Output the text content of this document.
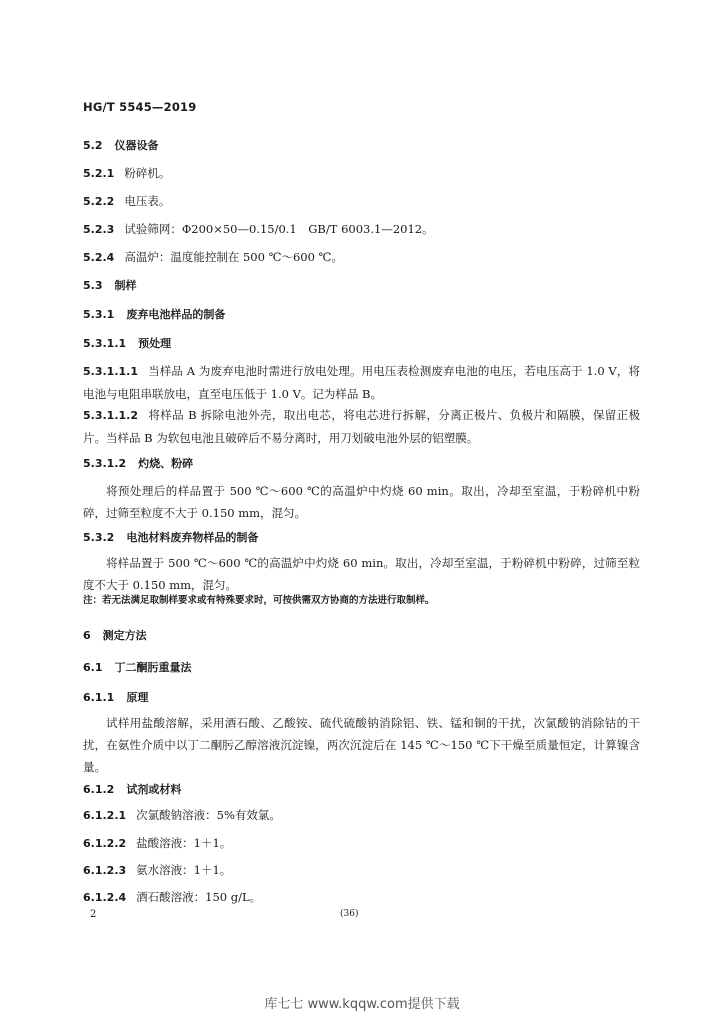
HG/T 5545—2019
5.2 仪器设备
5.2.1 粉碎机。
5.2.2 电压表。
5.2.3 试验筛网：Φ200×50—0.15/0.1　GB/T 6003.1—2012。
5.2.4 高温炉：温度能控制在 500 ℃～600 ℃。
5.3 制样
5.3.1 废弃电池样品的制备
5.3.1.1 预处理
5.3.1.1.1 当样品 A 为废弃电池时需进行放电处理。用电压表检测废弃电池的电压，若电压高于 1.0 V，将电池与电阻串联放电，直至电压低于 1.0 V。记为样品 B。
5.3.1.1.2 将样品 B 拆除电池外壳，取出电芯，将电芯进行拆解，分离正极片、负极片和隔膜，保留正极片。当样品 B 为软包电池且破碎后不易分离时，用刀划破电池外层的铝塑膜。
5.3.1.2 灼烧、粉碎
将预处理后的样品置于 500 ℃～600 ℃的高温炉中灼烧 60 min。取出，冷却至室温，于粉碎机中粉碎，过筛至粒度不大于 0.150 mm，混匀。
5.3.2 电池材料废弃物样品的制备
将样品置于 500 ℃～600 ℃的高温炉中灼烧 60 min。取出，冷却至室温，于粉碎机中粉碎，过筛至粒度不大于 0.150 mm，混匀。
注：若无法满足取制样要求或有特殊要求时，可按供需双方协商的方法进行取制样。
6 测定方法
6.1 丁二酮肟重量法
6.1.1 原理
试样用盐酸溶解，采用酒石酸、乙酸铵、硫代硫酸钠消除铝、铁、锰和铜的干扰，次氯酸钠消除钴的干扰，在氨性介质中以丁二酮肟乙醇溶液沉淀镍，两次沉淀后在 145 ℃～150 ℃下干燥至质量恒定，计算镍含量。
6.1.2 试剂或材料
6.1.2.1 次氯酸钠溶液：5%有效氯。
6.1.2.2 盐酸溶液：1＋1。
6.1.2.3 氨水溶液：1＋1。
6.1.2.4 酒石酸溶液：150 g/L。
2	(36)
库七七 www.kqqw.com提供下载
